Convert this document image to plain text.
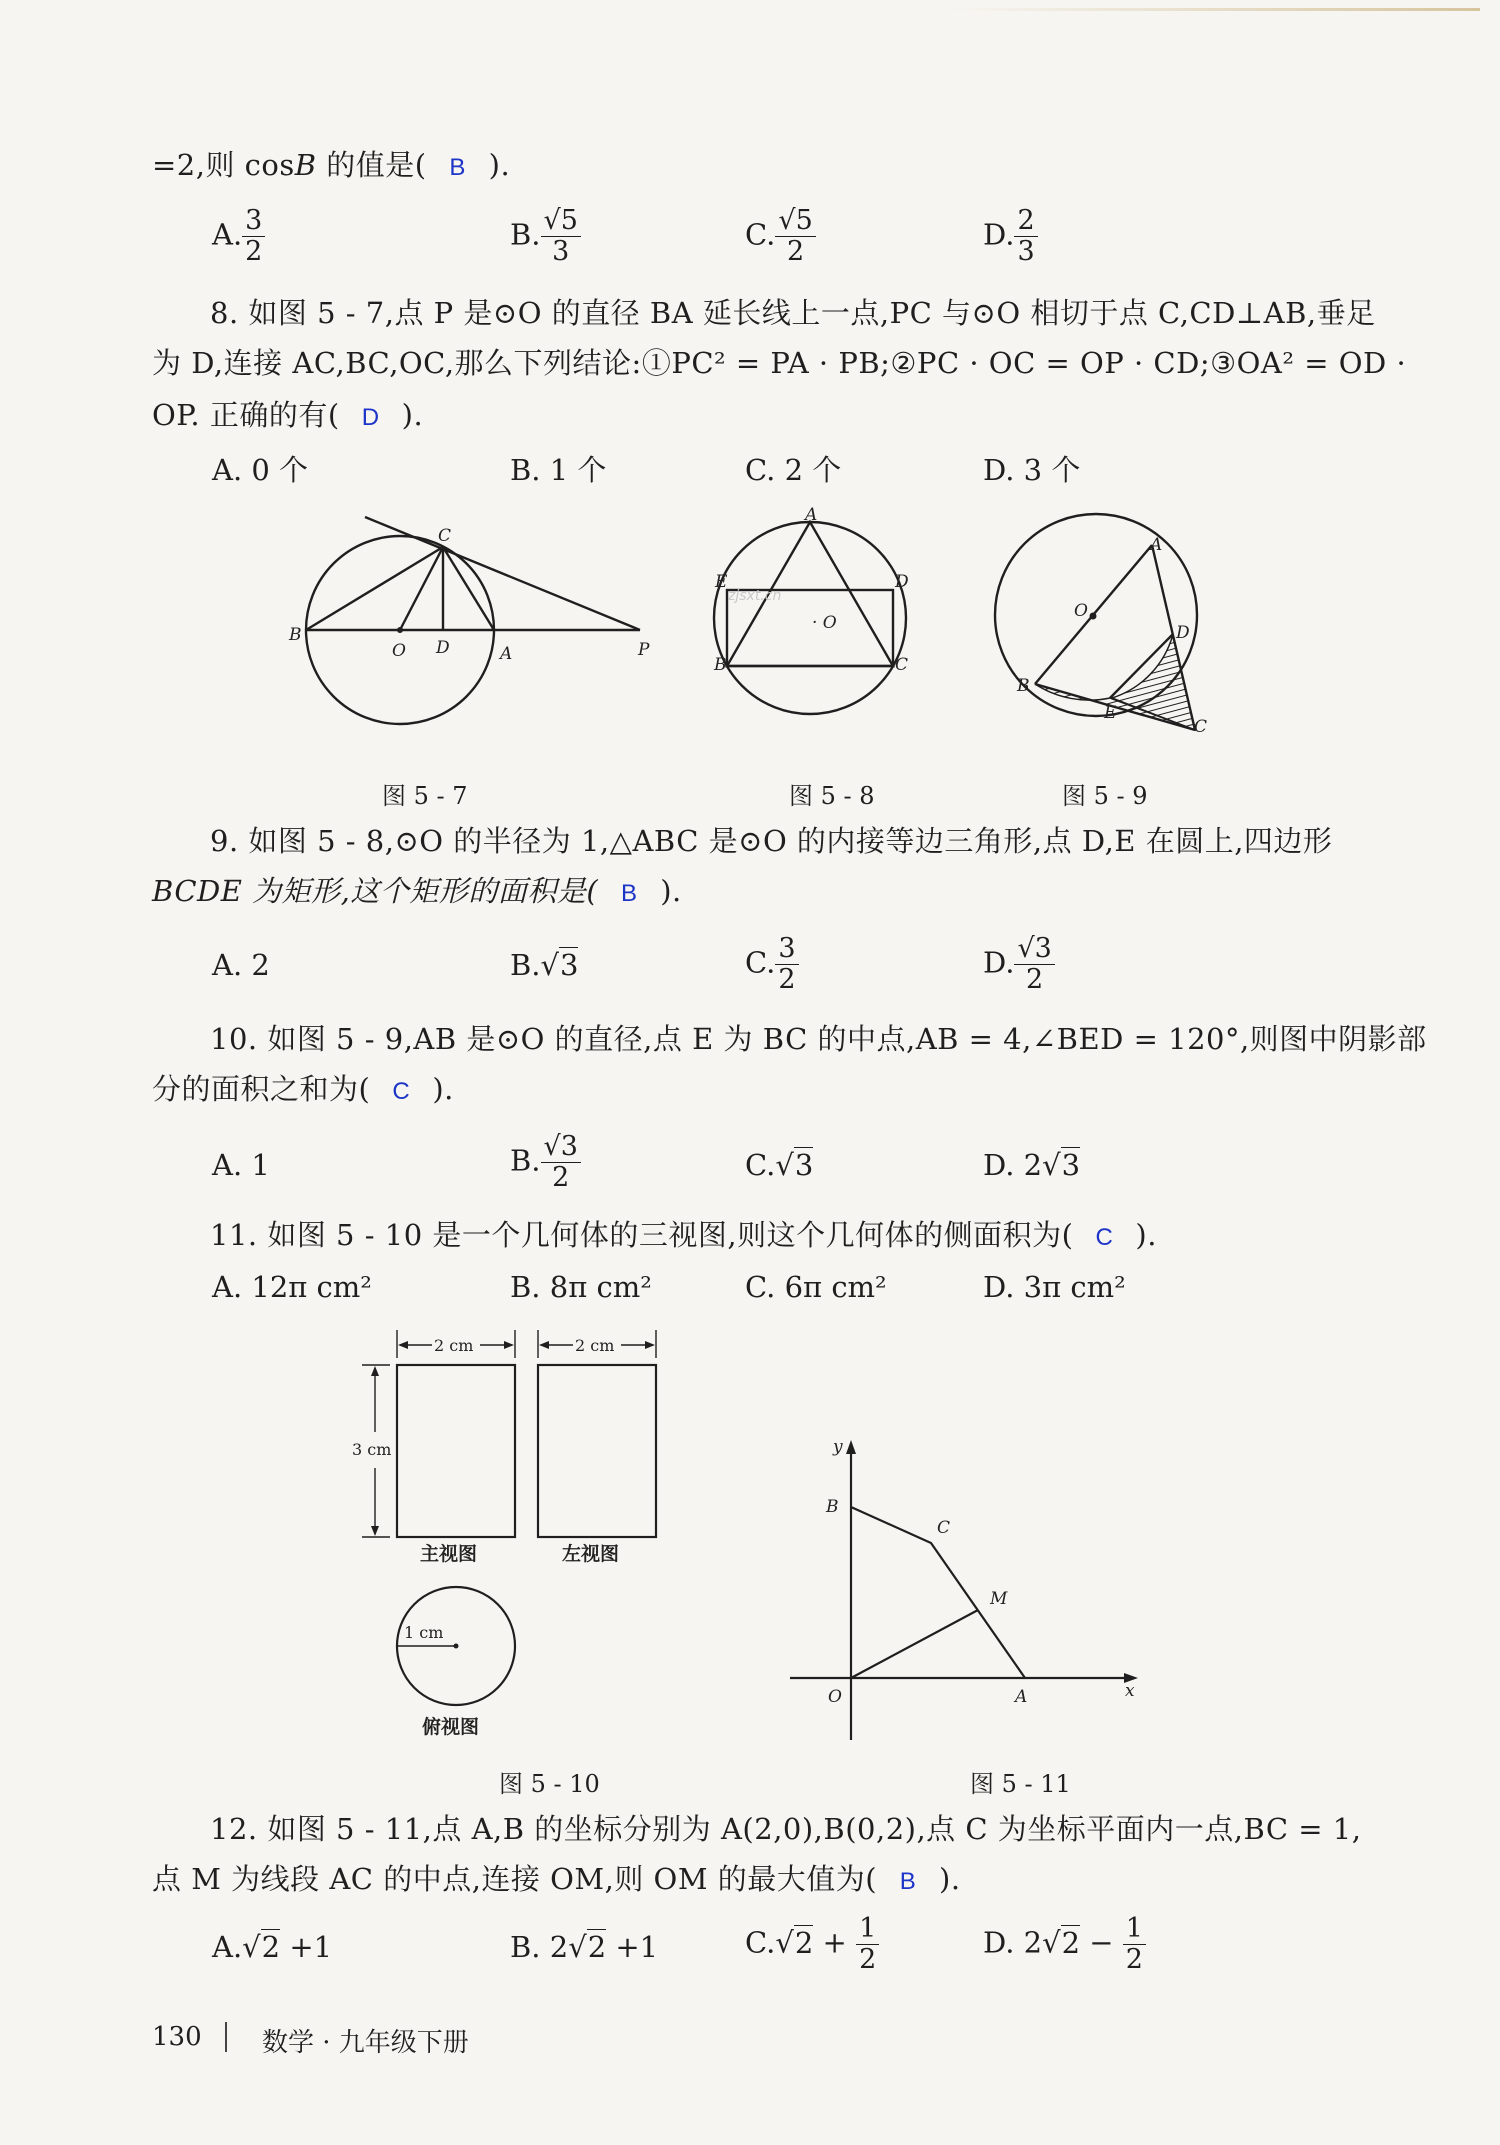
=2,则 cosB 的值是( B ).
A. $\frac{3}{2}$	B. $\frac{√5}{3}$	C. $\frac{√5}{2}$	D. $\frac{2}{3}$
8. 如图 5 - 7,点 P 是⊙O 的直径 BA 延长线上一点,PC 与⊙O 相切于点 C,CD⊥AB,垂足
为 D,连接 AC,BC,OC,那么下列结论:①PC² = PA · PB;②PC · OC = OP · CD;③OA² = OD ·
OP. 正确的有( D ).
A. 0 个	B. 1 个	C. 2 个	D. 3 个
B
O D	A	P
C
A
D
E
zjsxt.cn
· O
B	C
A
O
D
B
E
C
图 5 - 7	图 5 - 8	图 5 - 9
9. 如图 5 - 8,⊙O 的半径为 1,△ABC 是⊙O 的内接等边三角形,点 D,E 在圆上,四边形
BCDE 为矩形,这个矩形的面积是( B ).
A. 2	B.√3	C. $\frac{3}{2}$	D. $\frac{√3}{2}$
10. 如图 5 - 9,AB 是⊙O 的直径,点 E 为 BC 的中点,AB = 4,∠BED = 120°,则图中阴影部
分的面积之和为( C ).
A. 1	B. $\frac{√3}{2}$	C.√3	D. 2√3
11. 如图 5 - 10 是一个几何体的三视图,则这个几何体的侧面积为( C ).
A. 12π cm²	B. 8π cm²	C. 6π cm²	D. 3π cm²
2 cm	2 cm
3 cm
1 cm
主视图	左视图
俯视图
y
B
C
M
O	A	x
图 5 - 10	图 5 - 11
12. 如图 5 - 11,点 A,B 的坐标分别为 A(2,0),B(0,2),点 C 为坐标平面内一点,BC = 1,
点 M 为线段 AC 的中点,连接 OM,则 OM 的最大值为( B ).
A.√2 +1	B. 2√2 +1	$C.√2 + \frac{1}{2}$	D. $2√2 - \frac{1}{2}$
130 数学 · 九年级下册
